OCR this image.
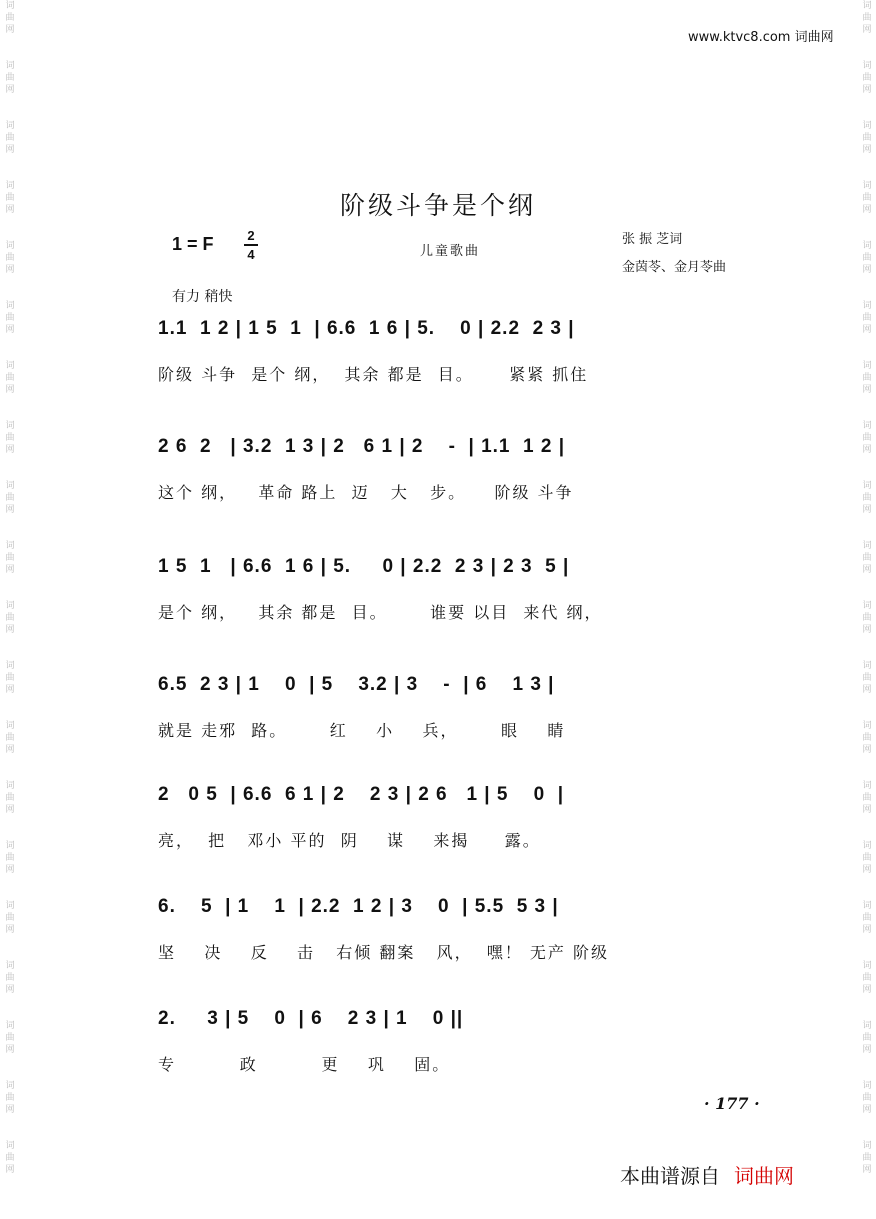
词
曲
网
词
曲
网
词
曲
网
词
曲
网
词
曲
网
词
曲
网
词
曲
网
词
曲
网
词
曲
网
词
曲
网
词
曲
网
词
曲
网
词
曲
网
词
曲
网
词
曲
网
词
曲
网
词
曲
网
词
曲
网
词
曲
网
词
曲
网
词
曲
网
词
曲
网
词
曲
网
词
曲
网
词
曲
网
词
曲
网
词
曲
网
词
曲
网
词
曲
网
词
曲
网
词
曲
网
词
曲
网
词
曲
网
词
曲
网
词
曲
网
词
曲
网
词
曲
网
词
曲
网
词
曲
网
词
曲
网
www.ktvc8.com 词曲网
阶级斗争是个纲
1 = F	2
4	儿童歌曲
张 振 芝词
金茵苓、金月苓曲
有力 稍快
1.1  1 2 | 1 5  1  | 6.6  1 6 | 5.    0 | 2.2  2 3 |
阶级 斗争  是个 纲，  其余 都是  目。     紧紧 抓住
2 6  2   | 3.2  1 3 | 2   6 1 | 2    -  | 1.1  1 2 |
这个 纲，   革命 路上  迈   大   步。    阶级 斗争
1 5  1   | 6.6  1 6 | 5.     0 | 2.2  2 3 | 2 3  5 |
是个 纲，   其余 都是  目。      谁要 以目  来代 纲，
6.5  2 3 | 1    0  | 5    3.2 | 3    -  | 6    1 3 |
就是 走邪  路。      红    小    兵，      眼    睛
2   0 5  | 6.6  6 1 | 2    2 3 | 2 6   1 | 5    0  |
亮，  把   邓小 平的  阴    谋    来揭     露。
6.    5  | 1    1  | 2.2  1 2 | 3    0  | 5.5  5 3 |
坚    决    反    击   右倾 翻案   风，  嘿！ 无产 阶级
2.     3 | 5    0  | 6    2 3 | 1    0 ||
专         政         更    巩    固。
· 177 ·
本曲谱源自 词曲网
